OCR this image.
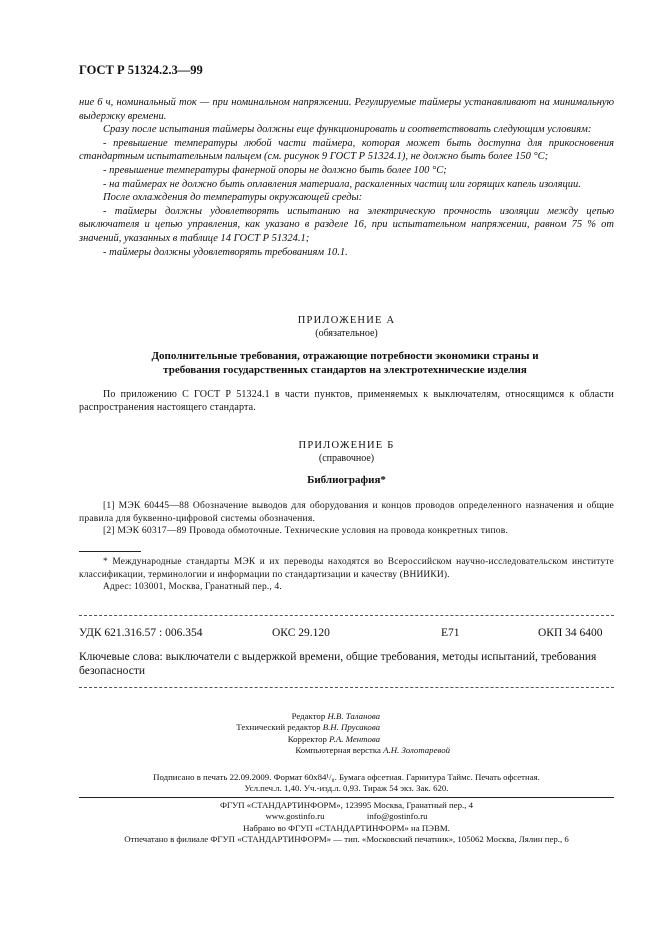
ГОСТ Р 51324.2.3—99

ние 6 ч, номинальный ток — при номинальном напряжении. Регулируемые таймеры устанавливают на минимальную выдержку времени.

Сразу после испытания таймеры должны еще функционировать и соответствовать следующим условиям:

- превышение температуры любой части таймера, которая может быть доступна для прикосновения стандартным испытательным пальцем (см. рисунок 9 ГОСТ Р 51324.1), не должно быть более 150 °С;

- превышение температуры фанерной опоры не должно быть более 100 °С;

- на таймерах не должно быть оплавления материала, раскаленных частиц или горящих капель изоляции.

После охлаждения до температуры окружающей среды:

- таймеры должны удовлетворять испытанию на электрическую прочность изоляции между цепью выключателя и цепью управления, как указано в разделе 16, при испытательном напряжении, равном 75 % от значений, указанных в таблице 14 ГОСТ Р 51324.1;

- таймеры должны удовлетворять требованиям 10.1.

ПРИЛОЖЕНИЕ А
(обязательное)
Дополнительные требования, отражающие потребности экономики страны и требования государственных стандартов на электротехнические изделия
По приложению С ГОСТ Р 51324.1 в части пунктов, применяемых к выключателям, относящимся к области распространения настоящего стандарта.
ПРИЛОЖЕНИЕ Б
(справочное)
Библиография*

[1] МЭК 60445—88 Обозначение выводов для оборудования и концов проводов определенного назначения и общие правила для буквенно-цифровой системы обозначения.

[2] МЭК 60317—89 Провода обмоточные. Технические условия на провода конкретных типов.

* Международные стандарты МЭК и их переводы находятся во Всероссийском научно-исследовательском институте классификации, терминологии и информации по стандартизации и качеству (ВНИИКИ).

Адрес: 103001, Москва, Гранатный пер., 4.

УДК 621.316.57 : 006.354	ОКС 29.120	Е71	ОКП 34 6400
Ключевые слова: выключатели с выдержкой времени, общие требования, методы испытаний, требования безопасности
Редактор Н.В. Таланова
Технический редактор В.Н. Прусакова
Корректор Р.А. Ментова
Компьютерная верстка А.Н. Золотаревой
Подписано в печать 22.09.2009. Формат 60х84¹/₈. Бумага офсетная. Гарнитура Таймс. Печать офсетная.
Усл.печ.л. 1,40. Уч.-изд.л. 0,93. Тираж 54 экз. Зак. 620.
ФГУП «СТАНДАРТИНФОРМ», 123995 Москва, Гранатный пер., 4
www.gostinfo.ru	info@gostinfo.ru
Набрано во ФГУП «СТАНДАРТИНФОРМ» на ПЭВМ.
Отпечатано в филиале ФГУП «СТАНДАРТИНФОРМ» — тип. «Московский печатник», 105062 Москва, Лялин пер., 6
